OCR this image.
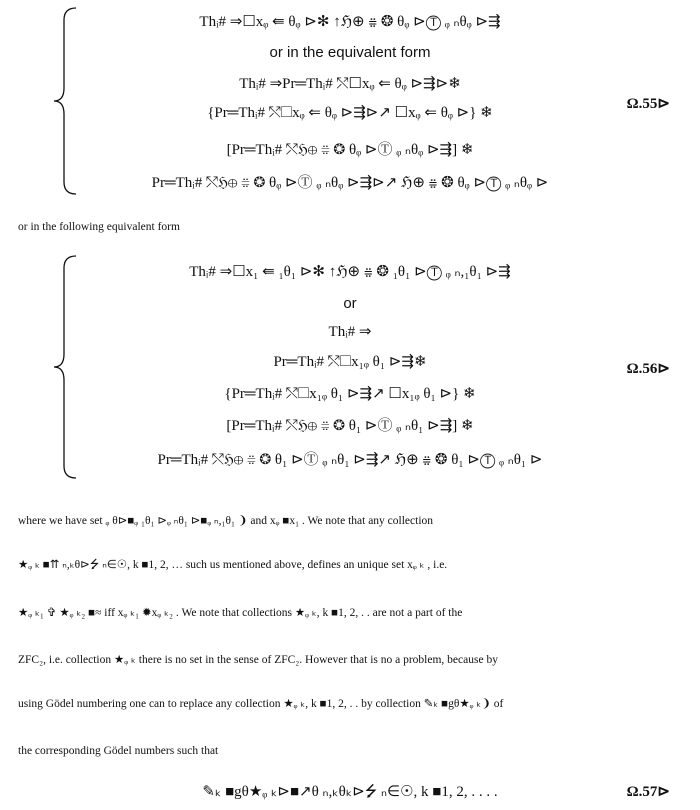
Thᵢ# ⇒☐xᵩ ⇚ θᵩ ⊳✻ ↑ℌ⊕ ⩷ ❂ θᵩ ⊳Ⓣ ᵩ ₙθᵩ ⊳⇶
or in the equivalent form
Thᵢ# ⇒Pr═Thᵢ# ⤲☐xᵩ ⇐ θᵩ ⊳⇶⊳❄
{Pr═Thᵢ# ⤲☐xᵩ ⇐ θᵩ ⊳⇶⊳↗ ☐xᵩ ⇐ θᵩ ⊳} ❄
[Pr═Thᵢ# ⤲ℌ⊕ ⩷ ❂ θᵩ ⊳Ⓣ ᵩ ₙθᵩ ⊳⇶] ❄
Pr═Thᵢ# ⤲ℌ⊕ ⩷ ❂ θᵩ ⊳Ⓣ ᵩ ₙθᵩ ⊳⇶⊳↗ ℌ⊕ ⩷ ❂ θᵩ ⊳Ⓣ ᵩ ₙθᵩ ⊳
Ω.55⊳
or in the following equivalent form
Thᵢ# ⇒☐x₁ ⇚ ₁θ₁ ⊳✻ ↑ℌ⊕ ⩷ ❂ ₁θ₁ ⊳Ⓣ ᵩ ₙ,₁θ₁ ⊳⇶
or
Thᵢ# ⇒
Pr═Thᵢ# ⤲☐x₁ᵩ θ₁ ⊳⇶❄
{Pr═Thᵢ# ⤲☐x₁ᵩ θ₁ ⊳⇶↗ ☐x₁ᵩ θ₁ ⊳} ❄
[Pr═Thᵢ# ⤲ℌ⊕ ⩷ ❂ θ₁ ⊳Ⓣ ᵩ ₙθ₁ ⊳⇶] ❄
Pr═Thᵢ# ⤲ℌ⊕ ⩷ ❂ θ₁ ⊳Ⓣ ᵩ ₙθ₁ ⊳⇶↗ ℌ⊕ ⩷ ❂ θ₁ ⊳Ⓣ ᵩ ₙθ₁ ⊳
Ω.56⊳
where we have set ᵩ θ⊳■ᵩ ₁θ₁ ⊳ᵩ ₙθ₁ ⊳■ᵩ ₙ,₁θ₁ ❩ and xᵩ ■x₁ . We note that any collection
★ᵩ ₖ ■⇈ ₙ,ₖθ⊳⭍ ₙ∈☉, k ■1, 2, … such us mentioned above, defines an unique set xᵩ ₖ , i.e.
★ᵩ ₖ₁ ✞ ★ᵩ ₖ₂ ■≈ iff xᵩ ₖ₁ ✹xᵩ ₖ₂ . We note that collections ★ᵩ ₖ, k ■1, 2, . . are not a part of the
ZFC₂, i.e. collection ★ᵩ ₖ there is no set in the sense of ZFC₂. However that is no a problem, because by
using Gödel numbering one can to replace any collection ★ᵩ ₖ, k ■1, 2, . . by collection ✎ₖ ■gθ★ᵩ ₖ❩ of
the corresponding Gödel numbers such that
✎ₖ ■gθ★ᵩ ₖ⊳■↗θ ₙ,ₖθₖ⊳⭍ ₙ∈☉, k ■1, 2, . . . .	Ω.57⊳
